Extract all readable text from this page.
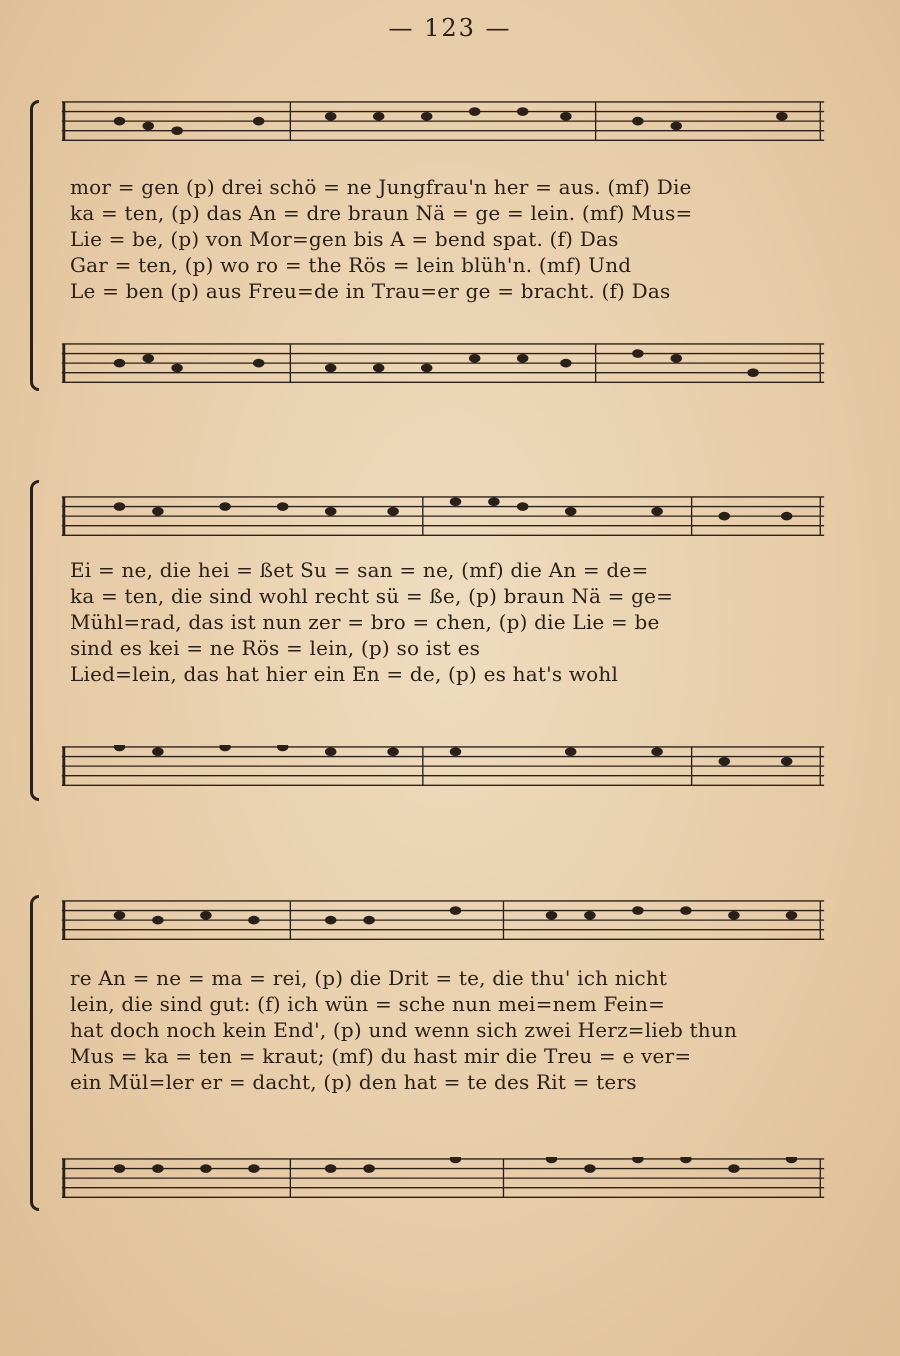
— 123 —
mor = gen (p) drei schö = ne Jungfrau'n her = aus. (mf) Die
ka = ten, (p) das An = dre braun Nä = ge = lein. (mf) Mus=
Lie = be, (p) von Mor=gen bis A = bend spat. (f) Das
Gar = ten, (p) wo ro = the Rös = lein blüh'n. (mf) Und
Le = ben (p) aus Freu=de in Trau=er ge = bracht. (f) Das
Ei = ne, die hei = ßet Su = san = ne, (mf) die An = de=
ka = ten, die sind wohl recht sü = ße, (p) braun Nä = ge=
Mühl=rad, das ist nun zer = bro = chen, (p) die Lie = be
sind es kei = ne Rös = lein, (p) so ist es
Lied=lein, das hat hier ein En = de, (p) es hat's wohl
re An = ne = ma = rei, (p) die Drit = te, die thu' ich nicht
lein, die sind gut: (f) ich wün = sche nun mei=nem Fein=
hat doch noch kein End', (p) und wenn sich zwei Herz=lieb thun
Mus = ka = ten = kraut; (mf) du hast mir die Treu = e ver=
ein Mül=ler er = dacht, (p) den hat = te des Rit = ters
